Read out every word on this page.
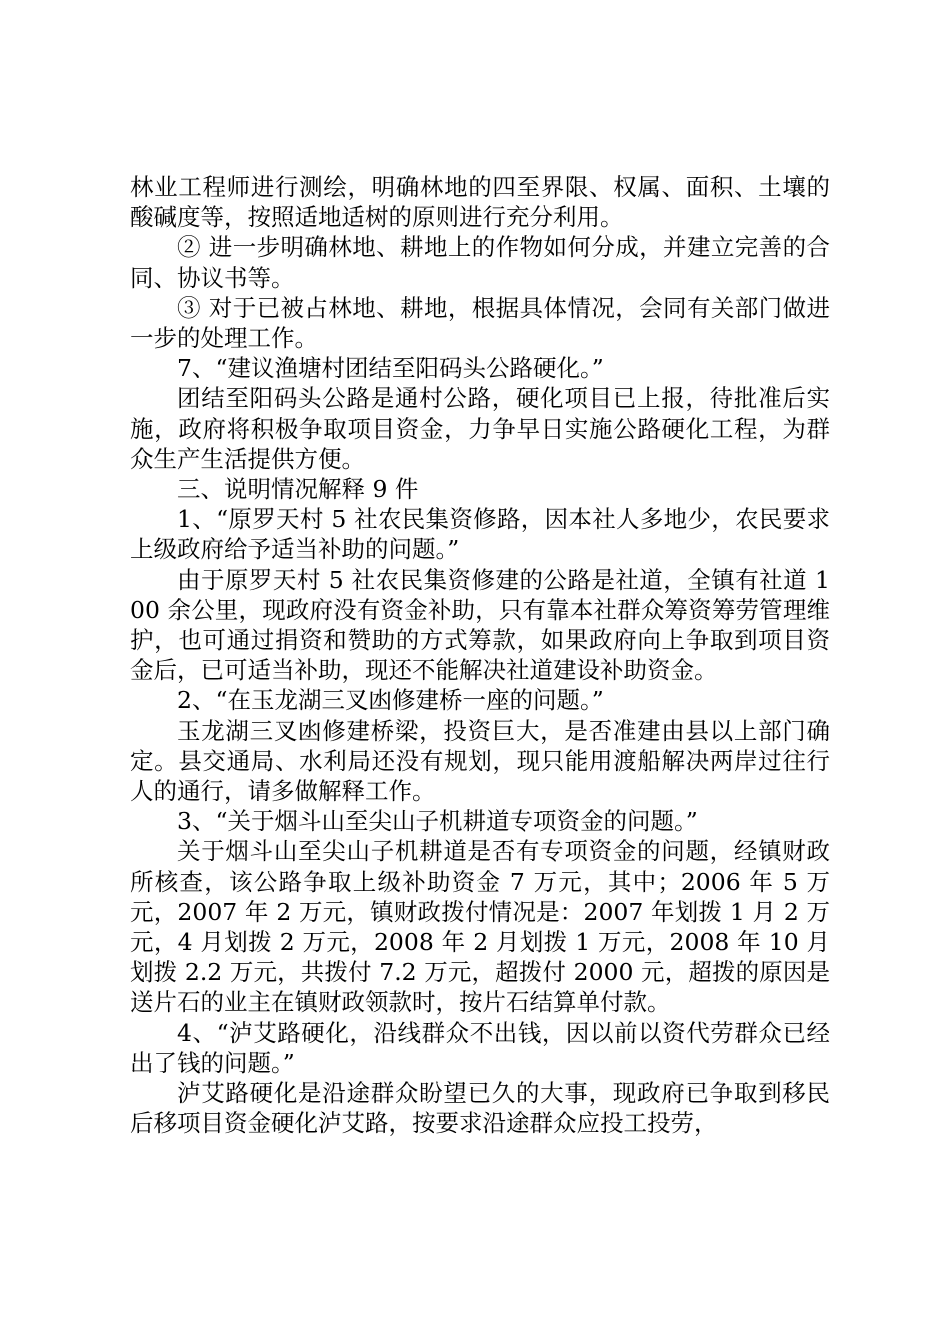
林业工程师进行测绘，明确林地的四至界限、权属、面积、土壤的酸碱度等，按照适地适树的原则进行充分利用。

② 进一步明确林地、耕地上的作物如何分成，并建立完善的合同、协议书等。

③ 对于已被占林地、耕地，根据具体情况，会同有关部门做进一步的处理工作。

7、“建议渔塘村团结至阳码头公路硬化。”

团结至阳码头公路是通村公路，硬化项目已上报，待批准后实施，政府将积极争取项目资金，力争早日实施公路硬化工程，为群众生产生活提供方便。

三、说明情况解释 9 件

1、“原罗天村 5 社农民集资修路，因本社人多地少，农民要求上级政府给予适当补助的问题。”

由于原罗天村 5 社农民集资修建的公路是社道，全镇有社道 100 余公里，现政府没有资金补助，只有靠本社群众筹资筹劳管理维护，也可通过捐资和赞助的方式筹款，如果政府向上争取到项目资金后，已可适当补助，现还不能解决社道建设补助资金。

2、“在玉龙湖三叉凼修建桥一座的问题。”

玉龙湖三叉凼修建桥梁，投资巨大，是否准建由县以上部门确定。县交通局、水利局还没有规划，现只能用渡船解决两岸过往行人的通行，请多做解释工作。

3、“关于烟斗山至尖山子机耕道专项资金的问题。”

关于烟斗山至尖山子机耕道是否有专项资金的问题，经镇财政所核查，该公路争取上级补助资金 7 万元，其中；2006 年 5 万元，2007 年 2 万元，镇财政拨付情况是：2007 年划拨 1 月 2 万元，4 月划拨 2 万元，2008 年 2 月划拨 1 万元，2008 年 10 月划拨 2.2 万元，共拨付 7.2 万元，超拨付 2000 元，超拨的原因是送片石的业主在镇财政领款时，按片石结算单付款。

4、“泸艾路硬化，沿线群众不出钱，因以前以资代劳群众已经出了钱的问题。”

泸艾路硬化是沿途群众盼望已久的大事，现政府已争取到移民后移项目资金硬化泸艾路，按要求沿途群众应投工投劳，
